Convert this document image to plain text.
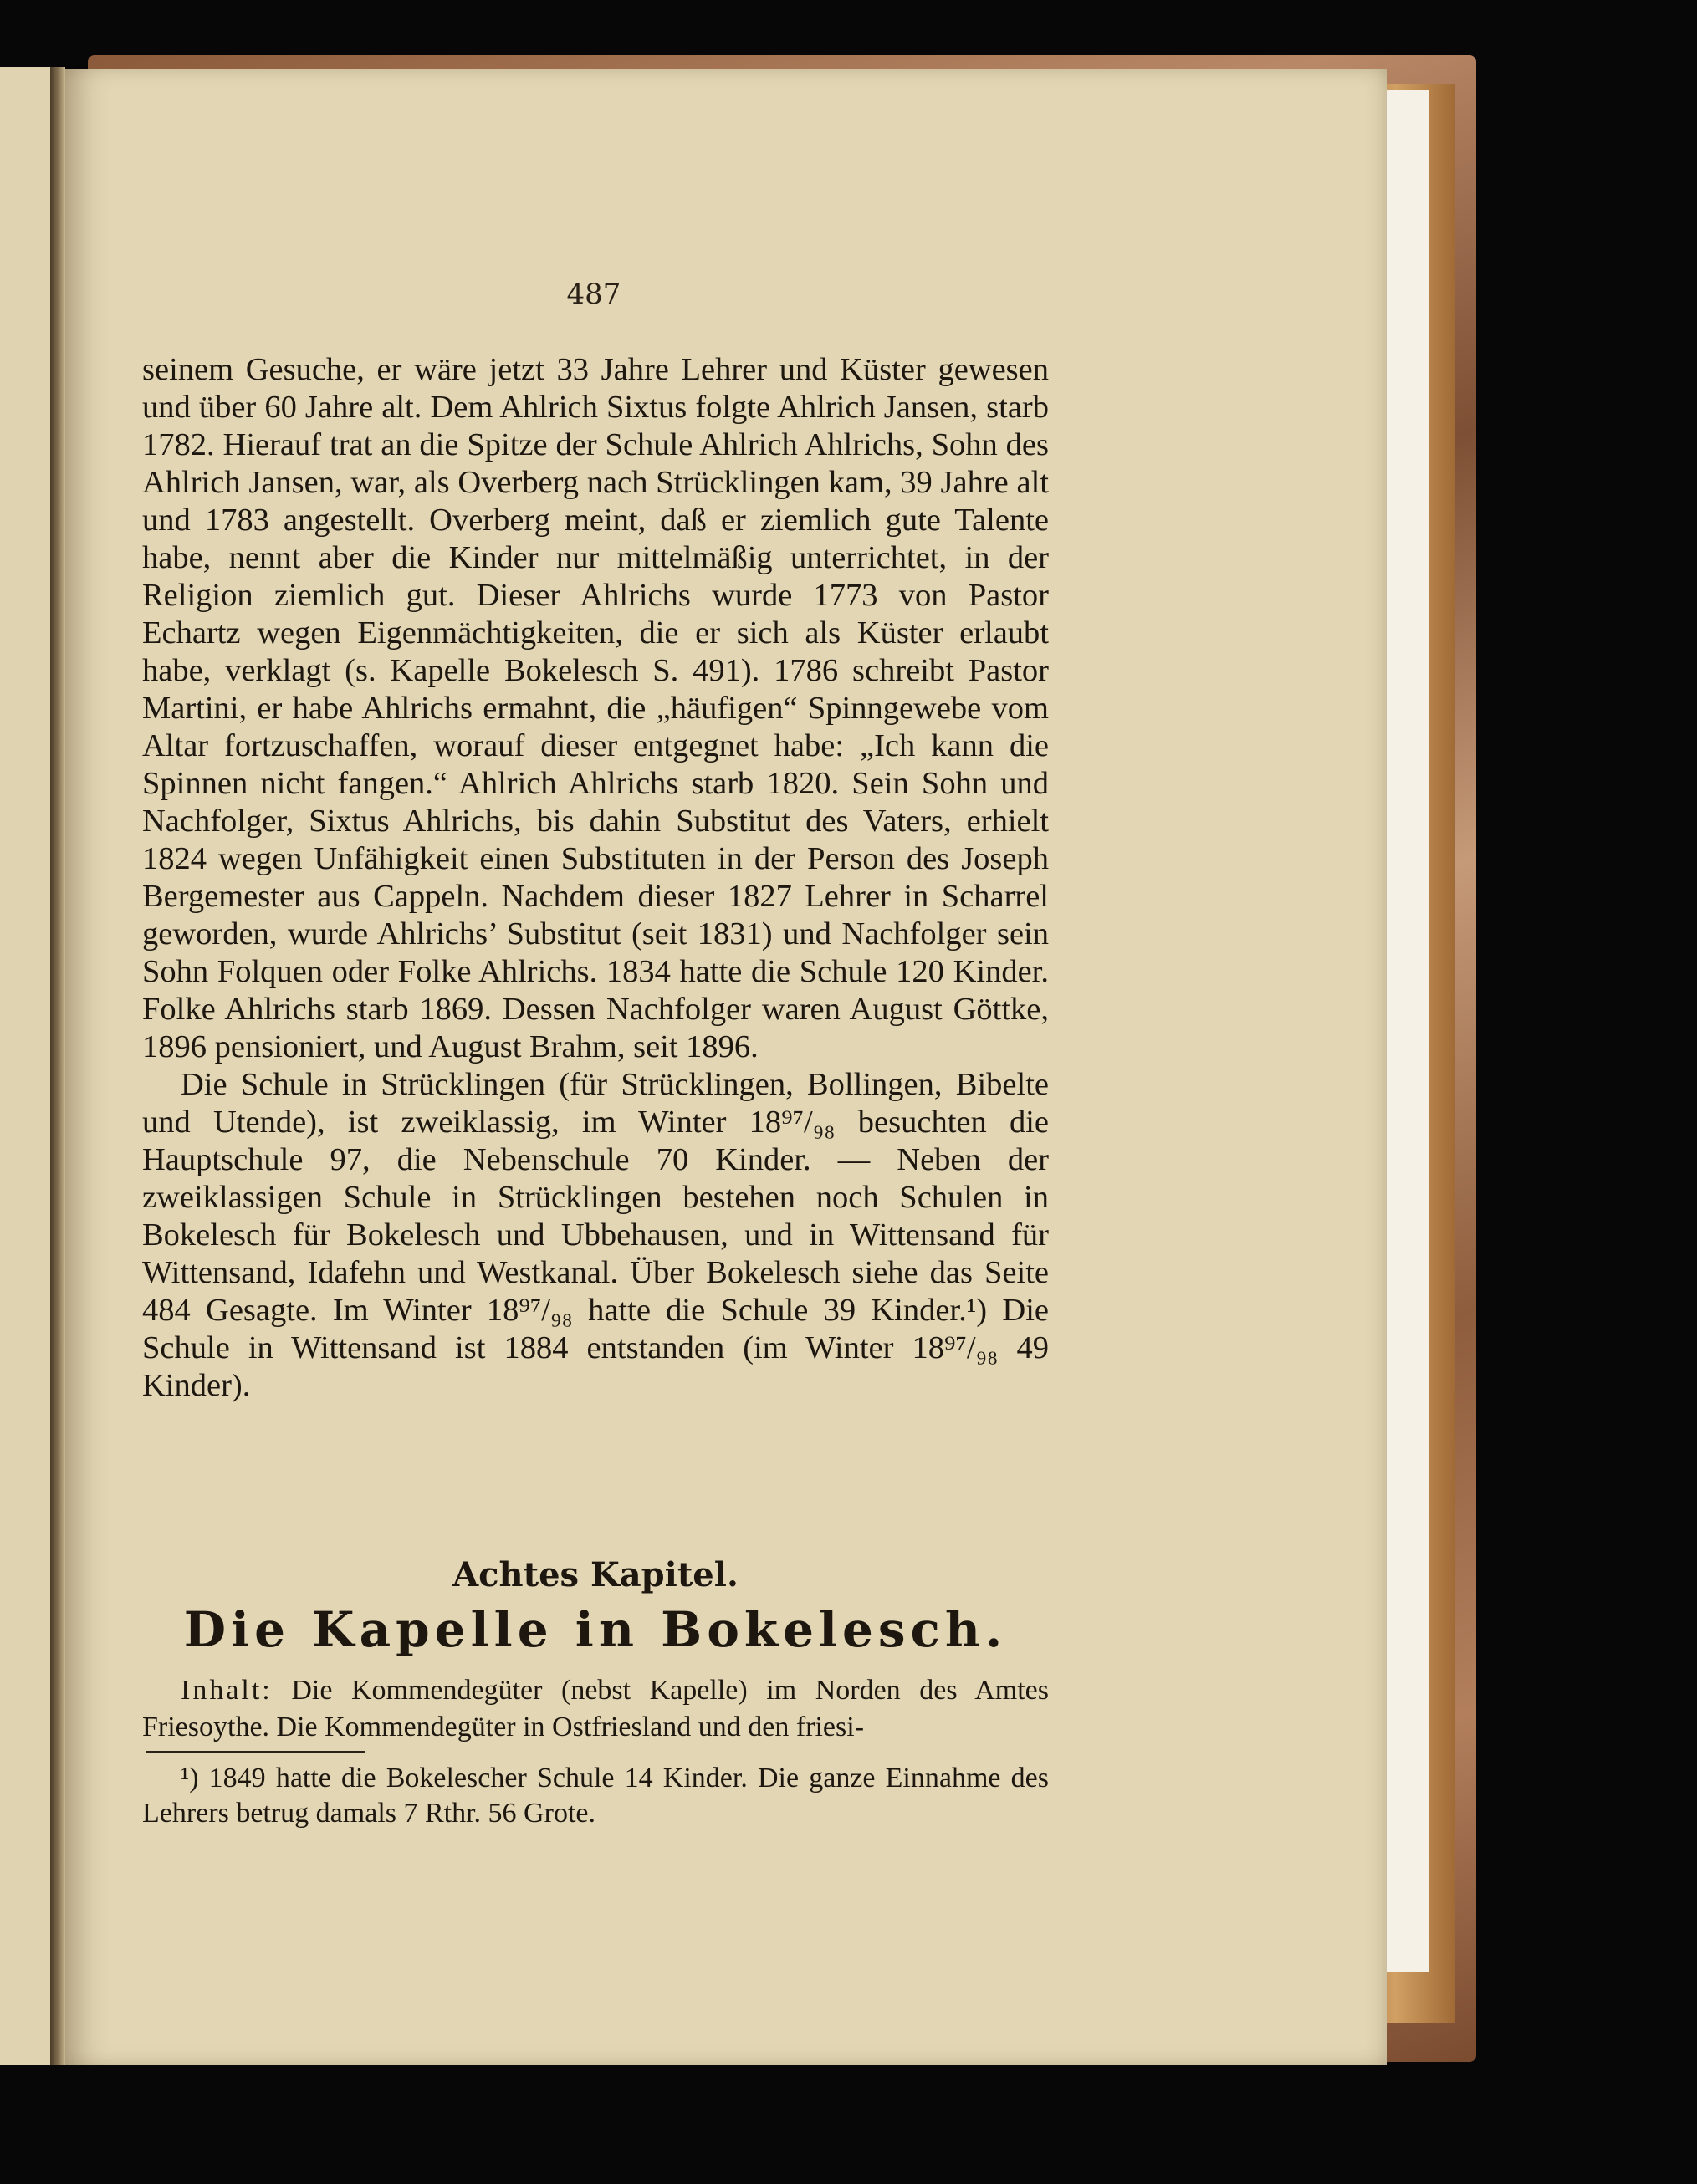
487

seinem Gesuche, er wäre jetzt 33 Jahre Lehrer und Küster gewesen und über 60 Jahre alt. Dem Ahlrich Sixtus folgte Ahlrich Jansen, starb 1782. Hierauf trat an die Spitze der Schule Ahlrich Ahlrichs, Sohn des Ahlrich Jansen, war, als Overberg nach Strücklingen kam, 39 Jahre alt und 1783 angestellt. Overberg meint, daß er ziemlich gute Talente habe, nennt aber die Kinder nur mittelmäßig unterrichtet, in der Religion ziemlich gut. Dieser Ahlrichs wurde 1773 von Pastor Echartz wegen Eigenmächtigkeiten, die er sich als Küster erlaubt habe, verklagt (s. Kapelle Bokelesch S. 491). 1786 schreibt Pastor Martini, er habe Ahlrichs ermahnt, die „häufigen“ Spinngewebe vom Altar fortzuschaffen, worauf dieser entgegnet habe: „Ich kann die Spinnen nicht fangen.“ Ahlrich Ahlrichs starb 1820. Sein Sohn und Nachfolger, Sixtus Ahlrichs, bis dahin Substitut des Vaters, erhielt 1824 wegen Unfähigkeit einen Substituten in der Person des Joseph Bergemester aus Cappeln. Nachdem dieser 1827 Lehrer in Scharrel geworden, wurde Ahlrichs’ Substitut (seit 1831) und Nachfolger sein Sohn Folquen oder Folke Ahlrichs. 1834 hatte die Schule 120 Kinder. Folke Ahlrichs starb 1869. Dessen Nachfolger waren August Göttke, 1896 pensioniert, und August Brahm, seit 1896.

Die Schule in Strücklingen (für Strücklingen, Bollingen, Bibelte und Utende), ist zweiklassig, im Winter 18⁹⁷/₉₈ besuchten die Hauptschule 97, die Nebenschule 70 Kinder. — Neben der zweiklassigen Schule in Strücklingen bestehen noch Schulen in Bokelesch für Bokelesch und Ubbehausen, und in Wittensand für Wittensand, Idafehn und Westkanal. Über Bokelesch siehe das Seite 484 Gesagte. Im Winter 18⁹⁷/₉₈ hatte die Schule 39 Kinder.¹) Die Schule in Wittensand ist 1884 entstanden (im Winter 18⁹⁷/₉₈ 49 Kinder).

Achtes Kapitel.
Die Kapelle in Bokelesch.

Inhalt: Die Kommendegüter (nebst Kapelle) im Norden des Amtes Friesoythe. Die Kommendegüter in Ostfriesland und den friesi-

¹) 1849 hatte die Bokelescher Schule 14 Kinder. Die ganze Einnahme des Lehrers betrug damals 7 Rthr. 56 Grote.
